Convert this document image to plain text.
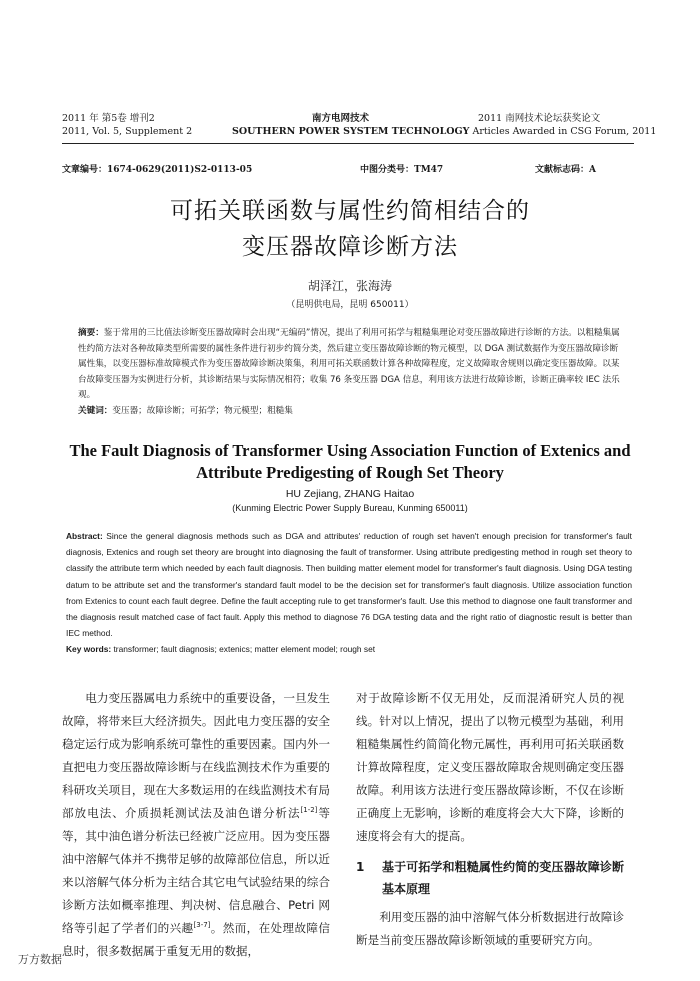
2011 年 第5卷 增刊2
2011, Vol. 5, Supplement 2
南方电网技术
SOUTHERN POWER SYSTEM TECHNOLOGY Articles Awarded in CSG Forum, 2011
2011 南网技术论坛获奖论文
文章编号：1674-0629(2011)S2-0113-05	中图分类号：TM47	文献标志码：A
可拓关联函数与属性约简相结合的
变压器故障诊断方法
胡泽江，张海涛
（昆明供电局，昆明 650011）
摘要：鉴于常用的三比值法诊断变压器故障时会出现“无编码”情况，提出了利用可拓学与粗糙集理论对变压器故障进行诊断的方法。以粗糙集属性约简方法对各种故障类型所需要的属性条件进行初步约简分类，然后建立变压器故障诊断的物元模型，以 DGA 测试数据作为变压器故障诊断属性集，以变压器标准故障模式作为变压器故障诊断决策集，利用可拓关联函数计算各种故障程度，定义故障取舍规则以确定变压器故障。以某台故障变压器为实例进行分析，其诊断结果与实际情况相符；收集 76 条变压器 DGA 信息，利用该方法进行故障诊断，诊断正确率较 IEC 法乐观。
关键词：变压器；故障诊断；可拓学；物元模型；粗糙集
The Fault Diagnosis of Transformer Using Association Function of Extenics and
Attribute Predigesting of Rough Set Theory
HU Zejiang, ZHANG Haitao
(Kunming Electric Power Supply Bureau, Kunming 650011)
Abstract: Since the general diagnosis methods such as DGA and attributes' reduction of rough set haven't enough precision for transformer's fault diagnosis, Extenics and rough set theory are brought into diagnosing the fault of transformer. Using attribute predigesting method in rough set theory to classify the attribute term which needed by each fault diagnosis. Then building matter element model for transformer's fault diagnosis. Using DGA testing datum to be attribute set and the transformer's standard fault model to be the decision set for transformer's fault diagnosis. Utilize association function from Extenics to count each fault degree. Define the fault accepting rule to get transformer's fault. Use this method to diagnose one fault transformer and the diagnosis result matched case of fact fault. Apply this method to diagnose 76 DGA testing data and the right ratio of diagnostic result is better than IEC method.
Key words: transformer; fault diagnosis; extenics; matter element model; rough set

电力变压器属电力系统中的重要设备，一旦发生故障，将带来巨大经济损失。因此电力变压器的安全稳定运行成为影响系统可靠性的重要因素。国内外一直把电力变压器故障诊断与在线监测技术作为重要的科研攻关项目，现在大多数运用的在线监测技术有局部放电法、介质损耗测试法及油色谱分析法[1-2]等等，其中油色谱分析法已经被广泛应用。因为变压器油中溶解气体并不携带足够的故障部位信息，所以近来以溶解气体分析为主结合其它电气试验结果的综合诊断方法如概率推理、判决树、信息融合、Petri 网络等引起了学者们的兴趣[3-7]。然而，在处理故障信息时，很多数据属于重复无用的数据，

对于故障诊断不仅无用处，反而混淆研究人员的视线。针对以上情况，提出了以物元模型为基础，利用粗糙集属性约简简化物元属性，再利用可拓关联函数计算故障程度，定义变压器故障取舍规则确定变压器故障。利用该方法进行变压器故障诊断，不仅在诊断正确度上无影响，诊断的难度将会大大下降，诊断的速度将会有大的提高。

1	基于可拓学和粗糙属性约简的变压器故障诊断基本原理

利用变压器的油中溶解气体分析数据进行故障诊断是当前变压器故障诊断领域的重要研究方向。

万方数据
